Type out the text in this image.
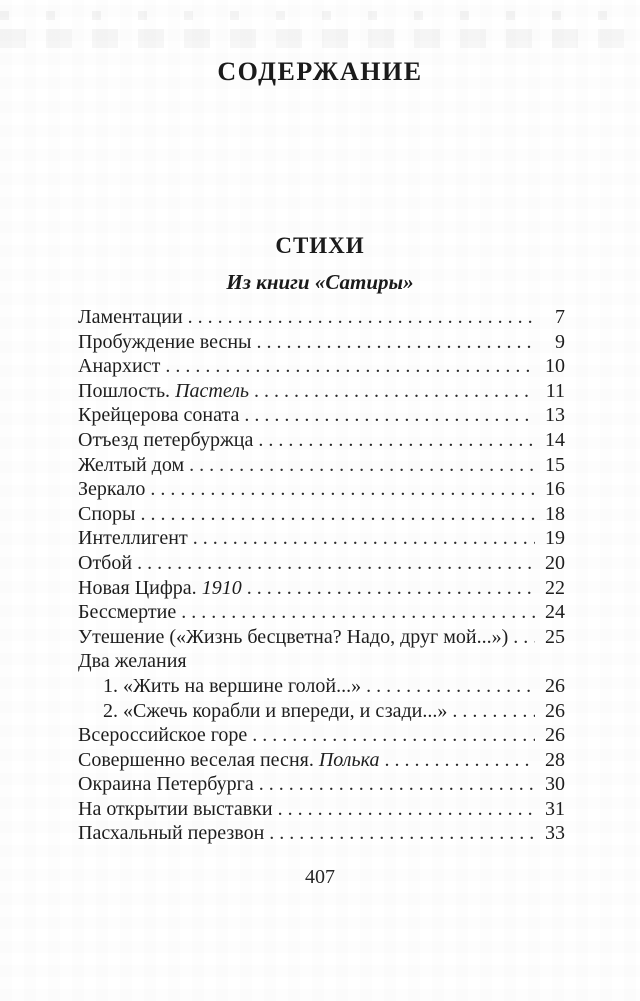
СОДЕРЖАНИЕ
СТИХИ
Из книги «Сатиры»
Ламентации . . .	7
Пробуждение весны . . .	9
Анархист . . .	10
Пошлость. Пастель . . .	11
Крейцерова соната . . .	13
Отъезд петербуржца . . .	14
Желтый дом . . .	15
Зеркало . . .	16
Споры . . .	18
Интеллигент . . .	19
Отбой . . .	20
Новая Цифра. 1910 . . .	22
Бессмертие . . .	24
Утешение («Жизнь бесцветна? Надо, друг мой...») . . .	25
Два желания
1. «Жить на вершине голой...» . . .	26
2. «Сжечь корабли и впереди, и сзади...» . . .	26
Всероссийское горе . . .	26
Совершенно веселая песня. Полька . . .	28
Окраина Петербурга . . .	30
На открытии выставки . . .	31
Пасхальный перезвон . . .	33
407
